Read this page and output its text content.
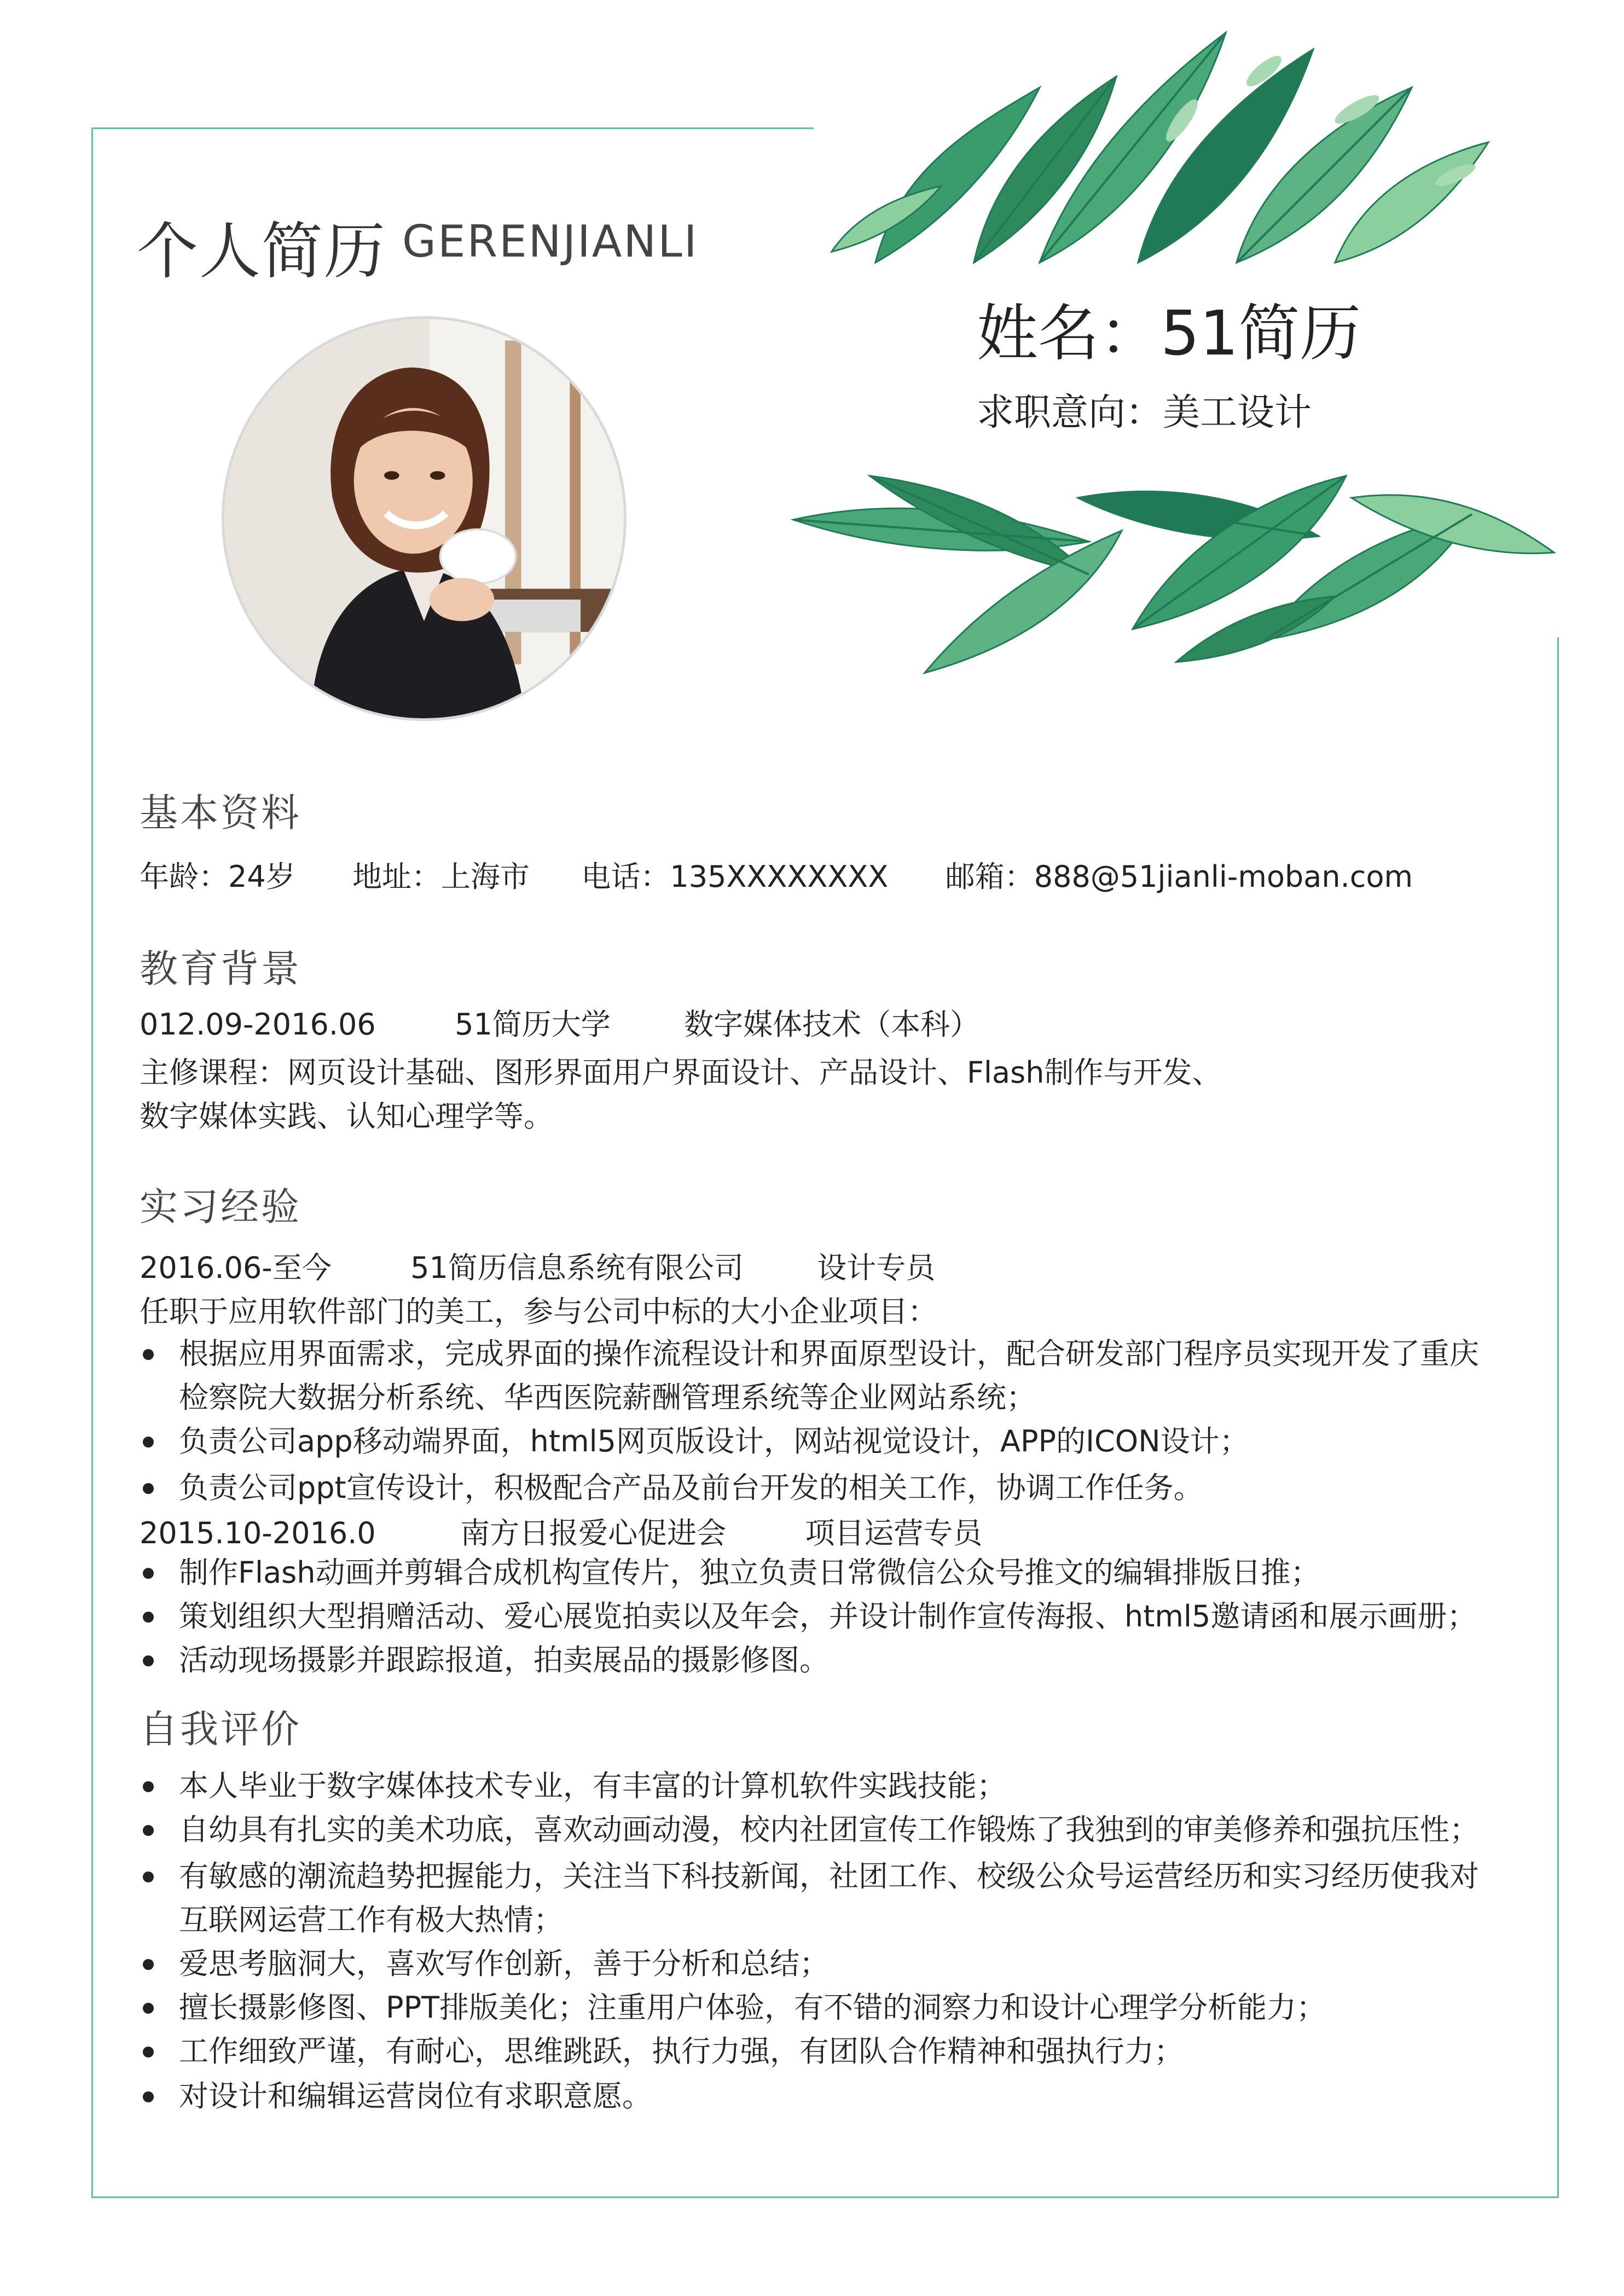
个人简历 GERENJIANLI
姓名：51简历
求职意向：美工设计
基本资料
年龄：24岁 地址：上海市 电话：135XXXXXXXX 邮箱：888@51jianli-moban.com
教育背景
012.09-2016.06	51简历大学 数字媒体技术（本科）
主修课程：网页设计基础、图形界面用户界面设计、产品设计、Flash制作与开发、
数字媒体实践、认知心理学等。
实习经验
2016.06-至今	51简历信息系统有限公司 设计专员
任职于应用软件部门的美工，参与公司中标的大小企业项目：
根据应用界面需求，完成界面的操作流程设计和界面原型设计，配合研发部门程序员实现开发了重庆检察院大数据分析系统、华西医院薪酬管理系统等企业网站系统；
负责公司app移动端界面，html5网页版设计，网站视觉设计，APP的ICON设计；
负责公司ppt宣传设计，积极配合产品及前台开发的相关工作，协调工作任务。
2015.10-2016.0	南方日报爱心促进会	项目运营专员
制作Flash动画并剪辑合成机构宣传片，独立负责日常微信公众号推文的编辑排版日推；
策划组织大型捐赠活动、爱心展览拍卖以及年会，并设计制作宣传海报、html5邀请函和展示画册；
活动现场摄影并跟踪报道，拍卖展品的摄影修图。
自我评价
本人毕业于数字媒体技术专业，有丰富的计算机软件实践技能；
自幼具有扎实的美术功底，喜欢动画动漫，校内社团宣传工作锻炼了我独到的审美修养和强抗压性；
有敏感的潮流趋势把握能力，关注当下科技新闻，社团工作、校级公众号运营经历和实习经历使我对互联网运营工作有极大热情；
爱思考脑洞大，喜欢写作创新，善于分析和总结；
擅长摄影修图、PPT排版美化；注重用户体验，有不错的洞察力和设计心理学分析能力；
工作细致严谨，有耐心，思维跳跃，执行力强，有团队合作精神和强执行力；
对设计和编辑运营岗位有求职意愿。
